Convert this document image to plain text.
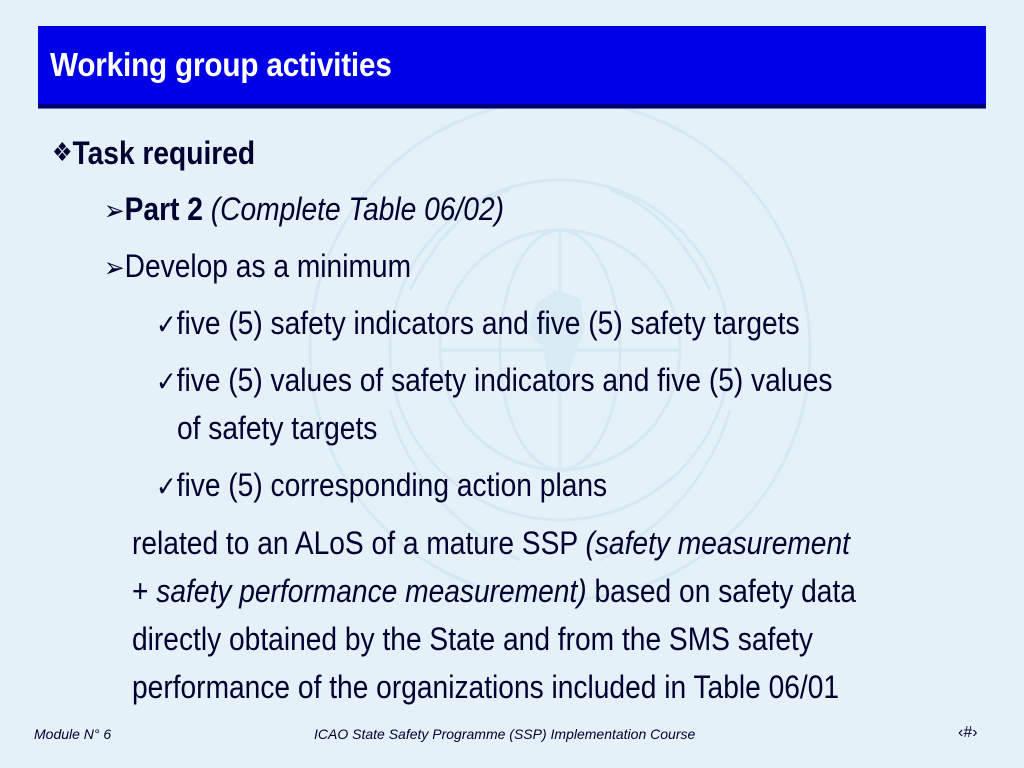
Working group activities
❖Task required
➢Part 2 (Complete Table 06/02)
➢Develop as a minimum
✓five (5) safety indicators and five (5) safety targets
✓five (5) values of safety indicators and five (5) values
of safety targets
✓five (5) corresponding action plans
related to an ALoS of a mature SSP (safety measurement
+ safety performance measurement) based on safety data
directly obtained by the State and from the SMS safety
performance of the organizations included in Table 06/01
Module N° 6	ICAO State Safety Programme (SSP) Implementation Course	‹#›
